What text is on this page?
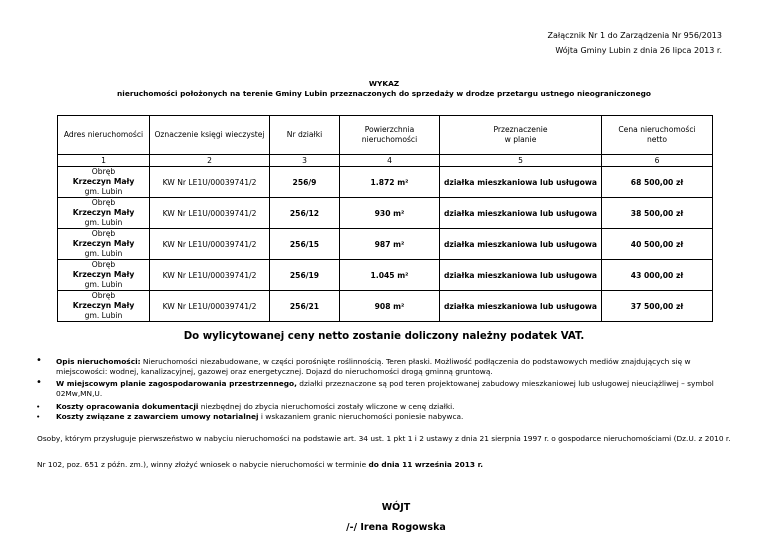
Załącznik Nr 1 do Zarządzenia Nr 956/2013
Wójta Gminy Lubin z dnia 26 lipca 2013 r.
WYKAZ
nieruchomości położonych na terenie Gminy Lubin przeznaczonych do sprzedaży w drodze przetargu ustnego nieograniczonego
Adres nieruchomości	Oznaczenie księgi wieczystej	Nr działki	Powierzchnia nieruchomości	Przeznaczenie w planie	Cena nieruchomości netto

1	2	3	4	5	6

Obręb
Krzeczyn Mały
gm. Lubin	KW Nr LE1U/00039741/2	256/9	1.872 m²	działka mieszkaniowa lub usługowa	68 500,00 zł

Obręb
Krzeczyn Mały
gm. Lubin	KW Nr LE1U/00039741/2	256/12	930 m²	działka mieszkaniowa lub usługowa	38 500,00 zł

Obręb
Krzeczyn Mały
gm. Lubin	KW Nr LE1U/00039741/2	256/15	987 m²	działka mieszkaniowa lub usługowa	40 500,00 zł

Obręb
Krzeczyn Mały
gm. Lubin	KW Nr LE1U/00039741/2	256/19	1.045 m²	działka mieszkaniowa lub usługowa	43 000,00 zł

Obręb
Krzeczyn Mały
gm. Lubin	KW Nr LE1U/00039741/2	256/21	908 m²	działka mieszkaniowa lub usługowa	37 500,00 zł
Do wylicytowanej ceny netto zostanie doliczony należny podatek VAT.
• Opis nieruchomości: Nieruchomości niezabudowane, w części porośnięte roślinnością. Teren płaski. Możliwość podłączenia do podstawowych mediów znajdujących się w miejscowości: wodnej, kanalizacyjnej, gazowej oraz energetycznej. Dojazd do nieruchomości drogą gminną gruntową.
• W miejscowym planie zagospodarowania przestrzennego, działki przeznaczone są pod teren projektowanej zabudowy mieszkaniowej lub usługowej nieuciążliwej – symbol 02Mw,MN,U.
• Koszty opracowania dokumentacji niezbędnej do zbycia nieruchomości zostały wliczone w cenę działki.
• Koszty związane z zawarciem umowy notarialnej i wskazaniem granic nieruchomości poniesie nabywca.
Osoby, którym przysługuje pierwszeństwo w nabyciu nieruchomości na podstawie art. 34 ust. 1 pkt 1 i 2 ustawy z dnia 21 sierpnia 1997 r. o gospodarce nieruchomościami (Dz.U. z 2010 r.
Nr 102, poz. 651 z późn. zm.), winny złożyć wniosek o nabycie nieruchomości w terminie do dnia 11 września 2013 r.
WÓJT
/-/ Irena Rogowska
